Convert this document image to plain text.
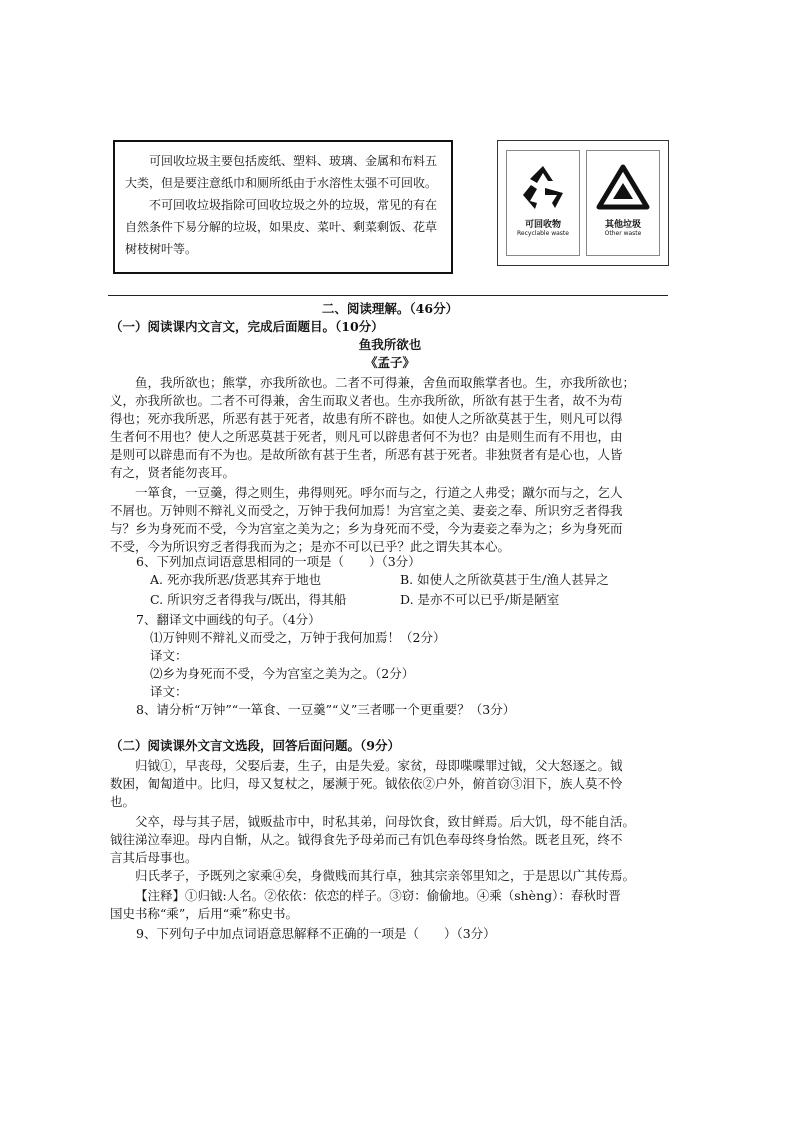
可回收垃圾主要包括废纸、塑料、玻璃、金属和布料五大类，但是要注意纸巾和厕所纸由于水溶性太强不可回收。

不可回收垃圾指除可回收垃圾之外的垃圾，常见的有在自然条件下易分解的垃圾，如果皮、菜叶、剩菜剩饭、花草树枝树叶等。

可回收物
Recyclable waste
其他垃圾
Other waste
二、阅读理解。（46分）
（一）阅读课内文言文，完成后面题目。（10分）
鱼我所欲也
《孟子》
鱼，我所欲也；熊掌，亦我所欲也。二者不可得兼，舍鱼而取熊掌者也。生，亦我所欲也；
义，亦我所欲也。二者不可得兼，舍生而取义者也。生亦我所欲，所欲有甚于生者，故不为苟
得也；死亦我所恶，所恶有甚于死者，故患有所不辟也。如使人之所欲莫甚于生，则凡可以得
生者何不用也？使人之所恶莫甚于死者，则凡可以辟患者何不为也？由是则生而有不用也，由
是则可以辟患而有不为也。是故所欲有甚于生者，所恶有甚于死者。非独贤者有是心也，人皆
有之，贤者能勿丧耳。
一箪食，一豆羹，得之则生，弗得则死。呼尔而与之，行道之人弗受；蹴尔而与之，乞人
不屑也。万钟则不辩礼义而受之，万钟于我何加焉！为宫室之美、妻妾之奉、所识穷乏者得我
与？乡为身死而不受，今为宫室之美为之；乡为身死而不受，今为妻妾之奉为之；乡为身死而
不受，今为所识穷乏者得我而为之；是亦不可以已乎？此之谓失其本心。
6、下列加点词语意思相同的一项是（　　）（3分）
A. 死亦我所恶/货恶其弃于地也	B. 如使人之所欲莫甚于生/渔人甚异之
C. 所识穷乏者得我与/既出，得其船	D. 是亦不可以已乎/斯是陋室
7、翻译文中画线的句子。（4分）
⑴万钟则不辩礼义而受之，万钟于我何加焉！（2分）
译文：
⑵乡为身死而不受，今为宫室之美为之。（2分）
译文：
8、请分析“万钟”“一箪食、一豆羹”“义”三者哪一个更重要？（3分）
（二）阅读课外文言文选段，回答后面问题。（9分）
归钺①，早丧母，父娶后妻，生子，由是失爱。家贫，母即喋喋罪过钺，父大怒逐之。钺
数困，匍匐道中。比归，母又复杖之，屡濒于死。钺依依②户外，俯首窃③泪下，族人莫不怜
也。
父卒，母与其子居，钺贩盐市中，时私其弟，问母饮食，致甘鲜焉。后大饥，母不能自活。
钺往涕泣奉迎。母内自惭，从之。钺得食先予母弟而己有饥色奉母终身怡然。既老且死，终不
言其后母事也。
归氏孝子，予既列之家乘④矣，身微贱而其行卓，独其宗亲邻里知之，于是思以广其传焉。
【注释】①归钺:人名。②依依：依恋的样子。③窃：偷偷地。④乘（shèng）：春秋时晋
国史书称“乘”，后用“乘”称史书。
9、下列句子中加点词语意思解释不正确的一项是（　　）（3分）
